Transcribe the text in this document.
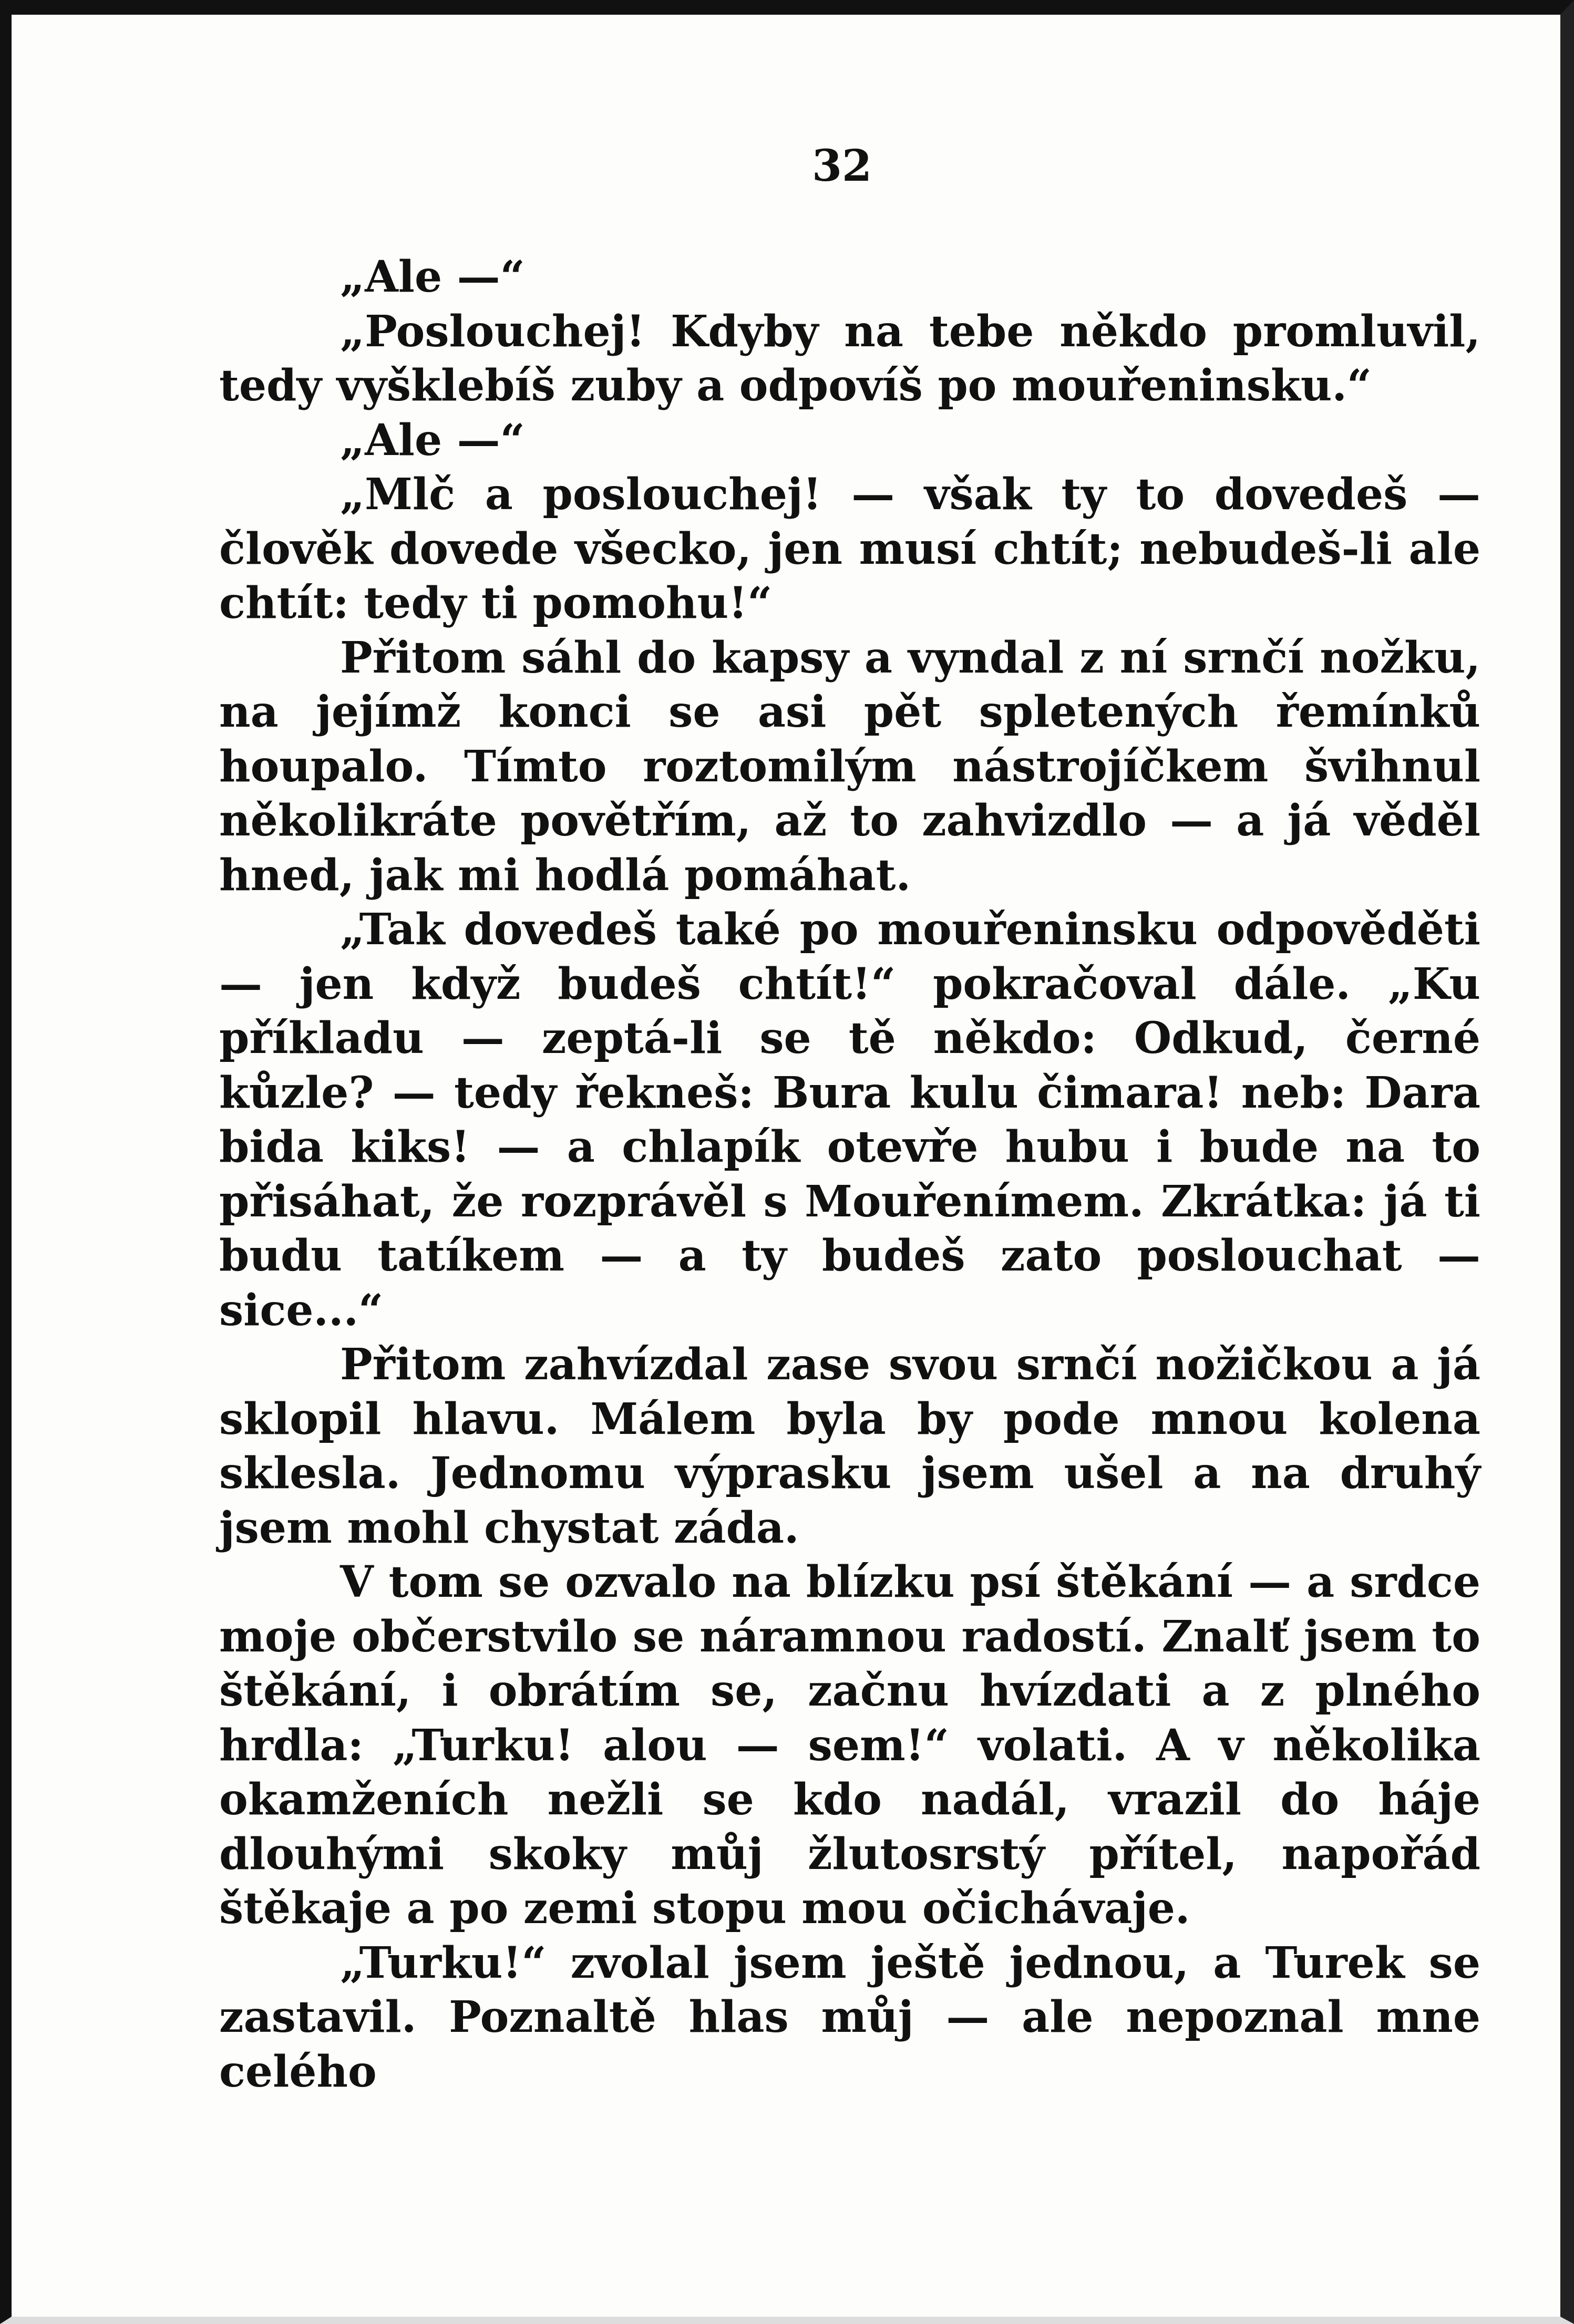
32

„Ale —“

„Poslouchej! Kdyby na tebe někdo promluvil, tedy vyšklebíš zuby a odpovíš po mouřeninsku.“

„Ale —“

„Mlč a poslouchej! — však ty to dovedeš — člověk dovede všecko, jen musí chtít; nebudeš-li ale chtít: tedy ti pomohu!“

Přitom sáhl do kapsy a vyndal z ní srnčí nožku, na jejímž konci se asi pět spletených řemínků houpalo. Tímto roztomilým nástrojíčkem švihnul několikráte povětřím, až to zahvizdlo — a já věděl hned, jak mi hodlá pomáhat.

„Tak dovedeš také po mouřeninsku odpověděti — jen když budeš chtít!“ pokračoval dále. „Ku příkladu — zeptá-li se tě někdo: Odkud, černé kůzle? — tedy řekneš: Bura kulu čimara! neb: Dara bida kiks! — a chlapík otevře hubu i bude na to přisáhat, že rozprávěl s Mouřenímem. Zkrátka: já ti budu tatíkem — a ty budeš zato poslouchat — sice...“

Přitom zahvízdal zase svou srnčí nožičkou a já sklopil hlavu. Málem byla by pode mnou kolena sklesla. Jednomu výprasku jsem ušel a na druhý jsem mohl chystat záda.

V tom se ozvalo na blízku psí štěkání — a srdce moje občerstvilo se náramnou radostí. Znalť jsem to štěkání, i obrátím se, začnu hvízdati a z plného hrdla: „Turku! alou — sem!“ volati. A v několika okamženích nežli se kdo nadál, vrazil do háje dlouhými skoky můj žlutosrstý přítel, napořád štěkaje a po zemi stopu mou očichávaje.

„Turku!“ zvolal jsem ještě jednou, a Turek se zastavil. Poznaltě hlas můj — ale nepoznal mne celého
